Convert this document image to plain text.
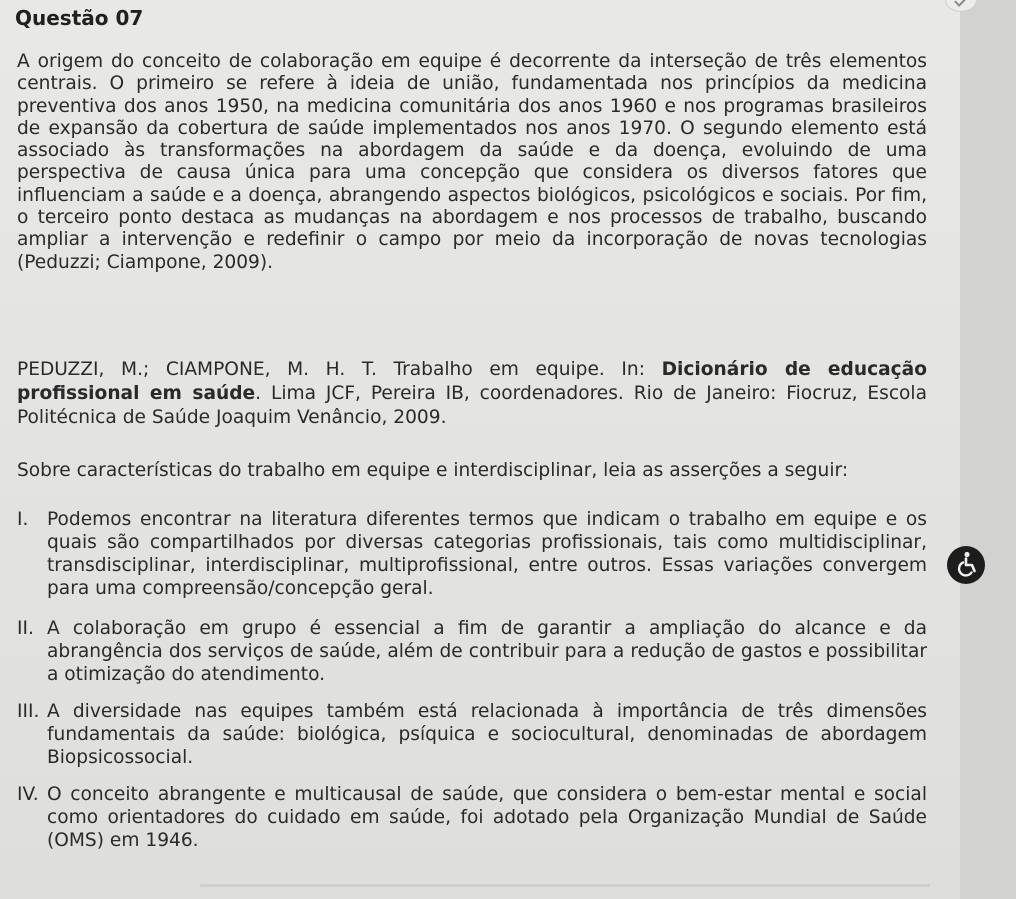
Questão 07

A origem do conceito de colaboração em equipe é decorrente da interseção de três elementos centrais. O primeiro se refere à ideia de união, fundamentada nos princípios da medicina preventiva dos anos 1950, na medicina comunitária dos anos 1960 e nos programas brasileiros de expansão da cobertura de saúde implementados nos anos 1970. O segundo elemento está associado às transformações na abordagem da saúde e da doença, evoluindo de uma perspectiva de causa única para uma concepção que considera os diversos fatores que influenciam a saúde e a doença, abrangendo aspectos biológicos, psicológicos e sociais. Por fim, o terceiro ponto destaca as mudanças na abordagem e nos processos de trabalho, buscando ampliar a intervenção e redefinir o campo por meio da incorporação de novas tecnologias (Peduzzi; Ciampone, 2009).

PEDUZZI, M.; CIAMPONE, M. H. T. Trabalho em equipe. In: Dicionário de educação profissional em saúde. Lima JCF, Pereira IB, coordenadores. Rio de Janeiro: Fiocruz, Escola Politécnica de Saúde Joaquim Venâncio, 2009.

Sobre características do trabalho em equipe e interdisciplinar, leia as asserções a seguir:

I. Podemos encontrar na literatura diferentes termos que indicam o trabalho em equipe e os quais são compartilhados por diversas categorias profissionais, tais como multidisciplinar, transdisciplinar, interdisciplinar, multiprofissional, entre outros. Essas variações convergem para uma compreensão/concepção geral.
II. A colaboração em grupo é essencial a fim de garantir a ampliação do alcance e da abrangência dos serviços de saúde, além de contribuir para a redução de gastos e possibilitar a otimização do atendimento.
III. A diversidade nas equipes também está relacionada à importância de três dimensões fundamentais da saúde: biológica, psíquica e sociocultural, denominadas de abordagem Biopsicossocial.
IV. O conceito abrangente e multicausal de saúde, que considera o bem-estar mental e social como orientadores do cuidado em saúde, foi adotado pela Organização Mundial de Saúde (OMS) em 1946.
